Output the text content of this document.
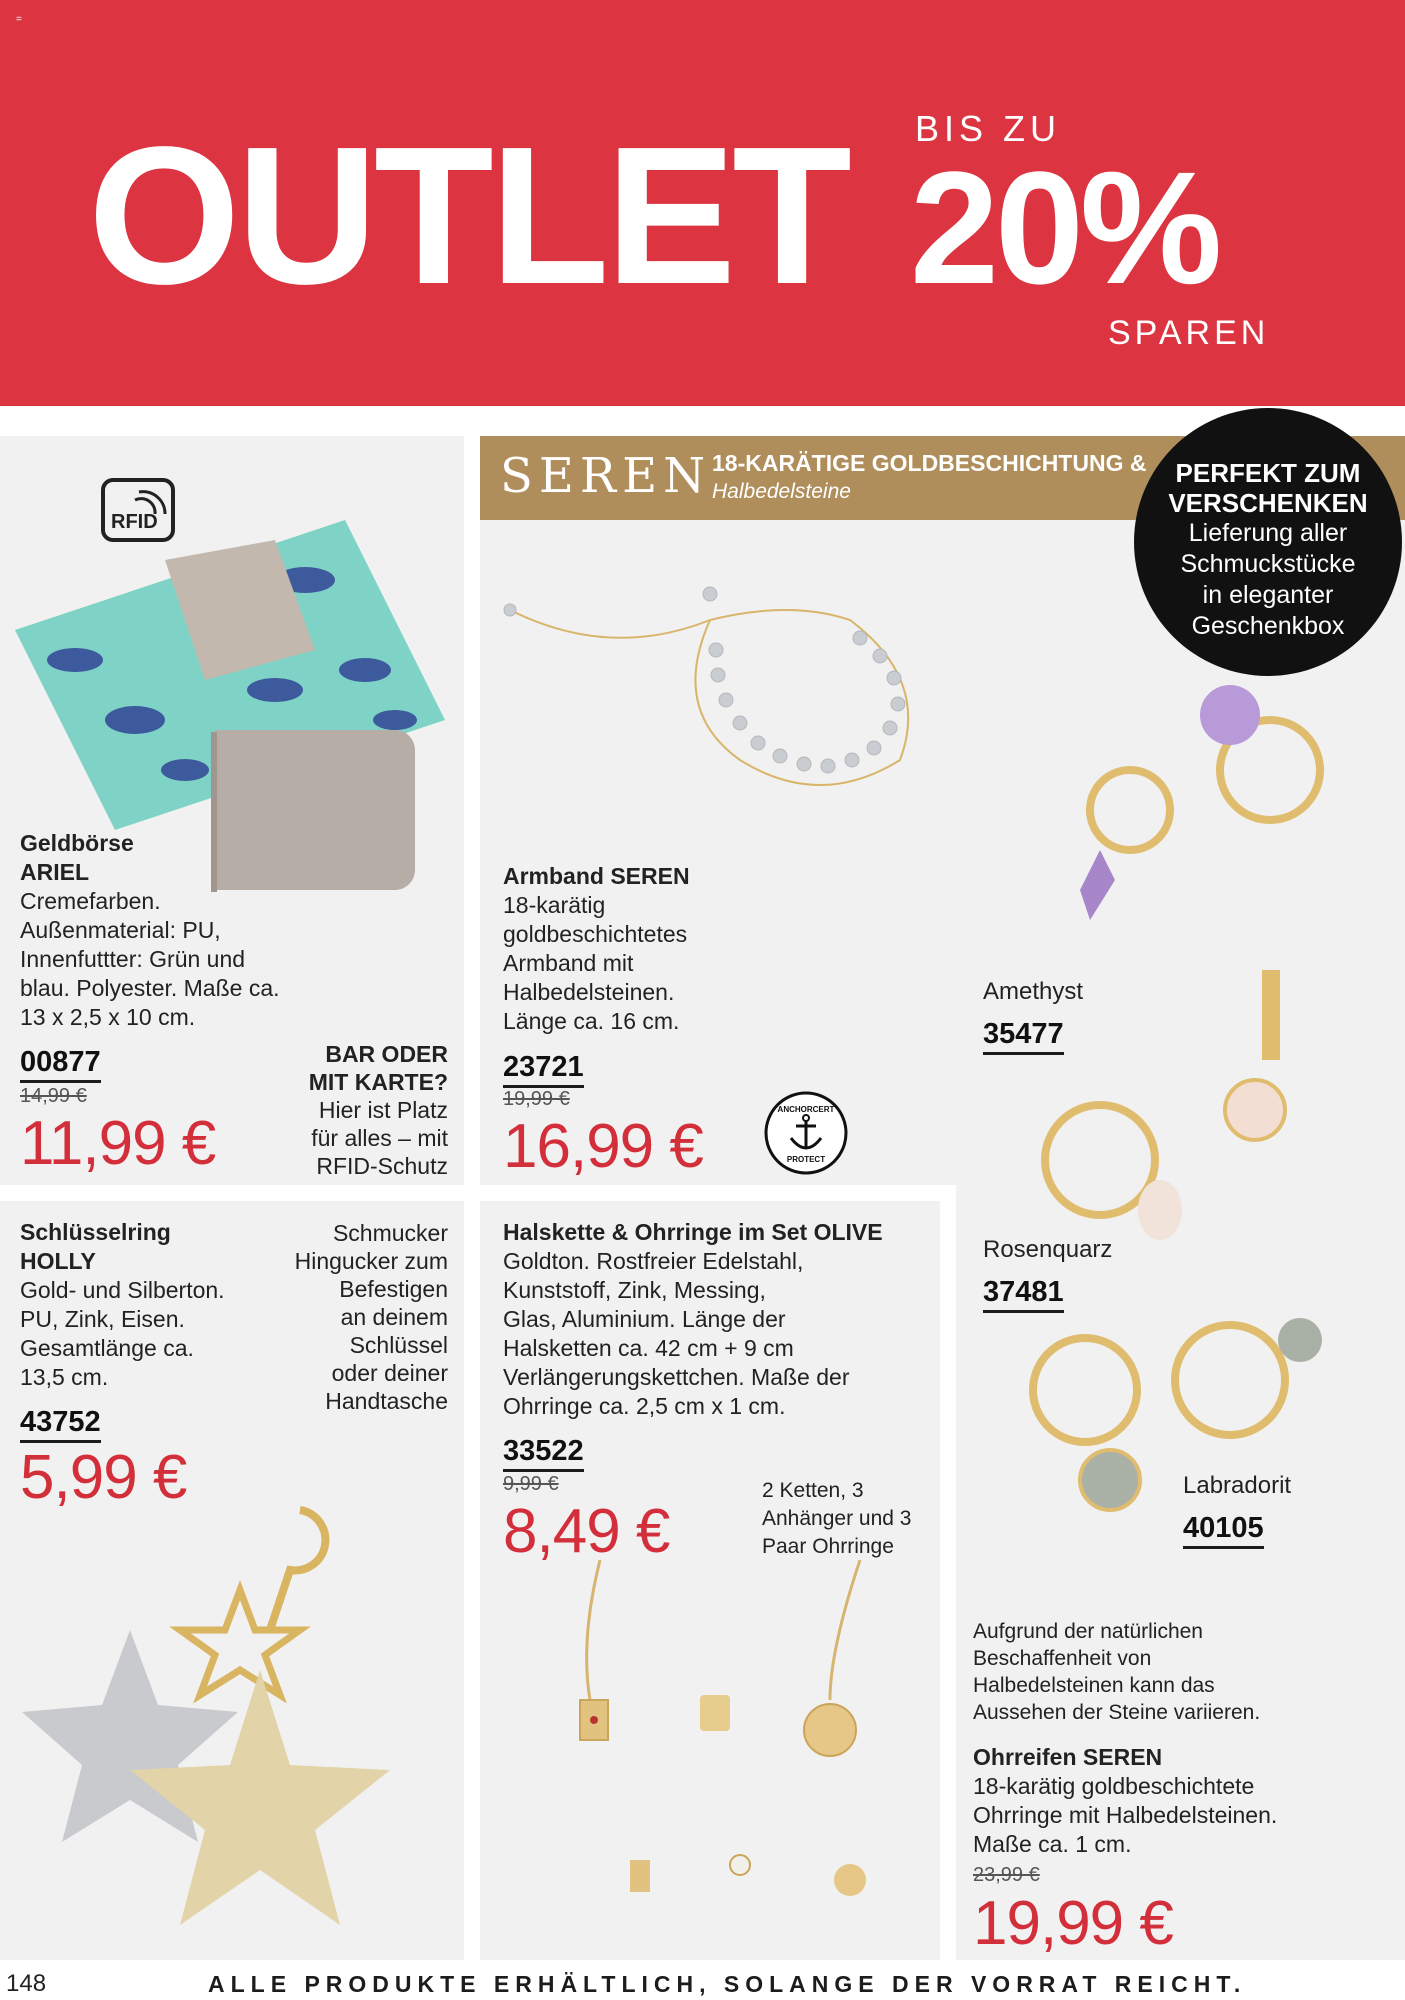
=
OUTLET BIS ZU
20%
SPAREN
RFID
Geldbörse
ARIEL
Cremefarben.
Außenmaterial: PU,
Innenfuttter: Grün und
blau. Polyester. Maße ca.
13 x 2,5 x 10 cm.
00877
14,99 €
11,99 €
BAR ODER
MIT KARTE?
Hier ist Platz
für alles – mit
RFID-Schutz
SEREN 18-KARÄTIGE GOLDBESCHICHTUNG &
Halbedelsteine
PERFEKT ZUM
VERSCHENKEN
Lieferung aller
Schmuckstücke
in eleganter
Geschenkbox
Armband SEREN
18-karätig
goldbeschichtetes
Armband mit
Halbedelsteinen.
Länge ca. 16 cm.
23721
19,99 €
16,99 €
ANCHORCERT
PROTECT
Amethyst
35477
Rosenquarz
37481
Labradorit
40105
Aufgrund der natürlichen
Beschaffenheit von
Halbedelsteinen kann das
Aussehen der Steine variieren.
Ohrreifen SEREN
18-karätig goldbeschichtete
Ohrringe mit Halbedelsteinen.
Maße ca. 1 cm.
23,99 €
19,99 €
Schlüsselring
HOLLY
Gold- und Silberton.
PU, Zink, Eisen.
Gesamtlänge ca.
13,5 cm.
43752
5,99 €
Schmucker
Hingucker zum
Befestigen
an deinem
Schlüssel
oder deiner
Handtasche
Halskette & Ohrringe im Set OLIVE
Goldton. Rostfreier Edelstahl,
Kunststoff, Zink, Messing,
Glas, Aluminium. Länge der
Halsketten ca. 42 cm + 9 cm
Verlängerungskettchen. Maße der
Ohrringe ca. 2,5 cm x 1 cm.
33522
9,99 €
8,49 €
2 Ketten, 3
Anhänger und 3
Paar Ohrringe
148	ALLE PRODUKTE ERHÄLTLICH, SOLANGE DER VORRAT REICHT.
